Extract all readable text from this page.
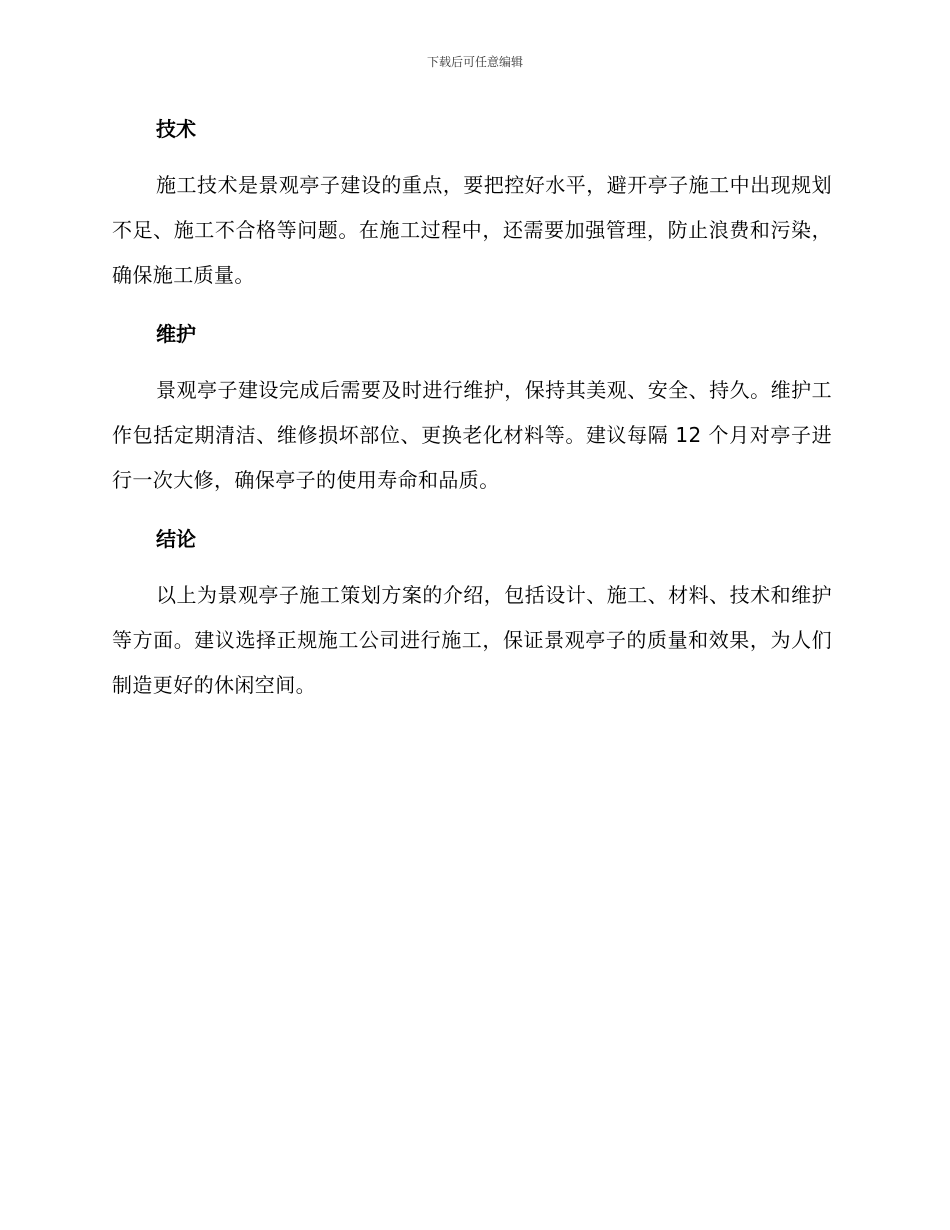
下载后可任意编辑
技术

施工技术是景观亭子建设的重点，要把控好水平，避开亭子施工中出现规划不足、施工不合格等问题。在施工过程中，还需要加强管理，防止浪费和污染，确保施工质量。

维护

景观亭子建设完成后需要及时进行维护，保持其美观、安全、持久。维护工作包括定期清洁、维修损坏部位、更换老化材料等。建议每隔 12 个月对亭子进行一次大修，确保亭子的使用寿命和品质。

结论

以上为景观亭子施工策划方案的介绍，包括设计、施工、材料、技术和维护等方面。建议选择正规施工公司进行施工，保证景观亭子的质量和效果，为人们制造更好的休闲空间。
